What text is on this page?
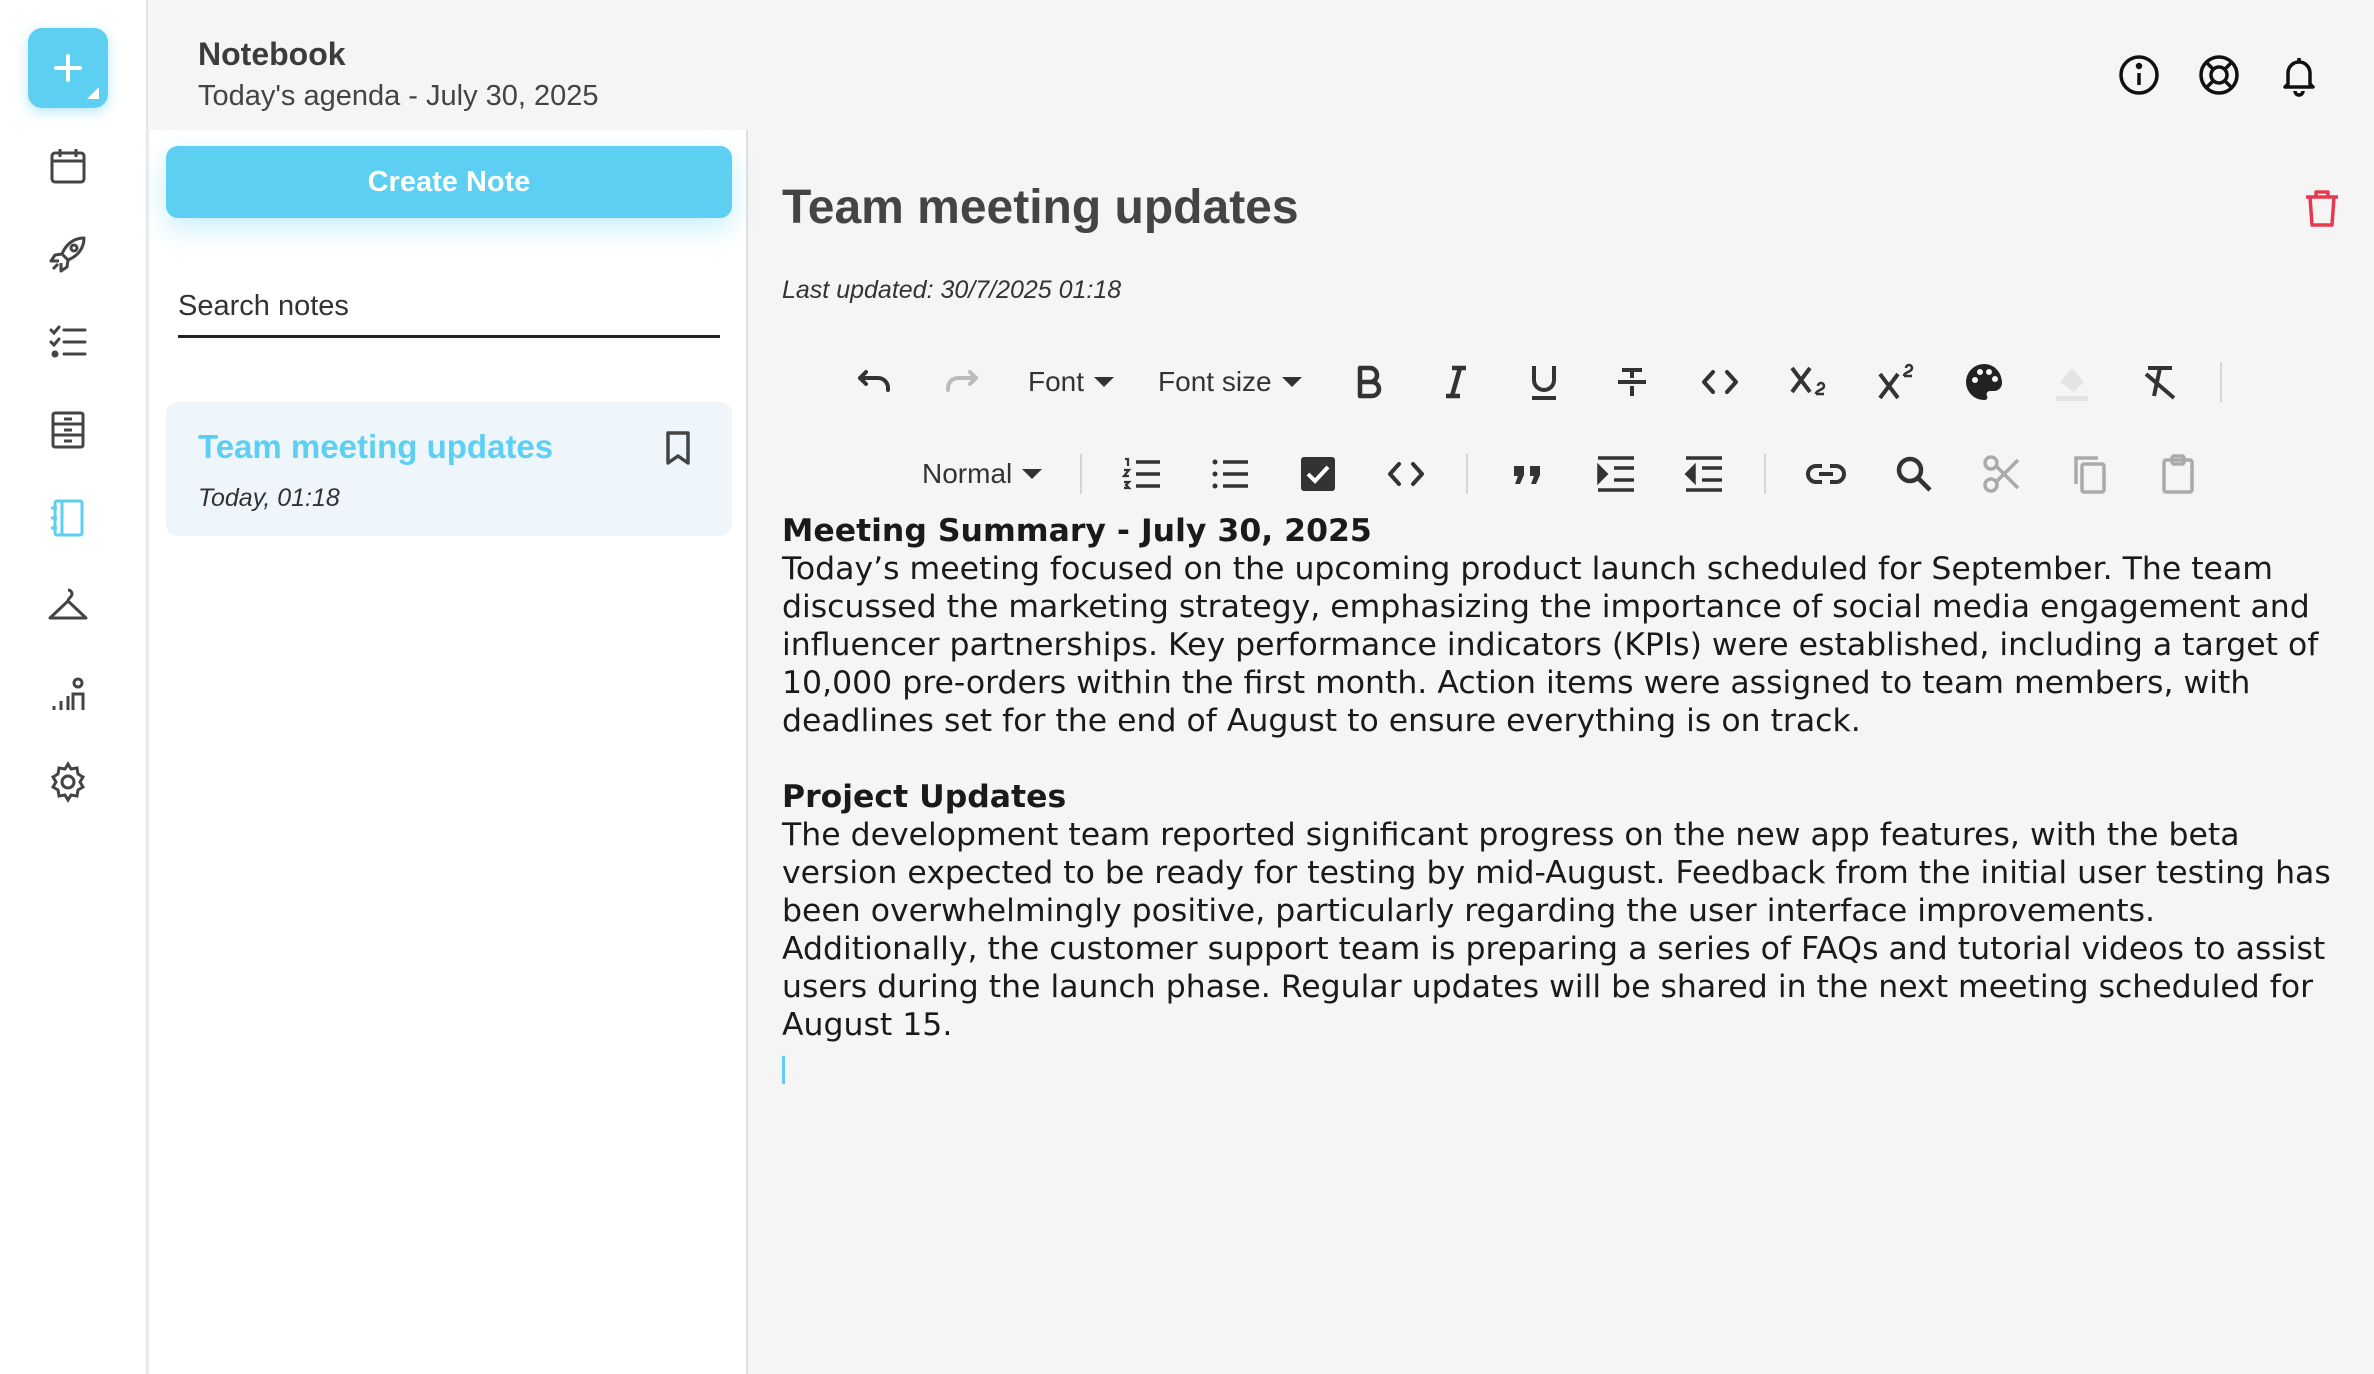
Notebook
Today's agenda - July 30, 2025
Create Note
Search notes
Team meeting updates
Today, 01:18
Team meeting updates
Last updated: 30/7/2025 01:18
Font	Font size
Normal

Meeting Summary - July 30, 2025

Today’s meeting focused on the upcoming product launch scheduled for September. The team discussed the marketing strategy, emphasizing the importance of social media engagement and influencer partnerships. Key performance indicators (KPIs) were established, including a target of 10,000 pre-orders within the first month. Action items were assigned to team members, with deadlines set for the end of August to ensure everything is on track.

Project Updates

The development team reported significant progress on the new app features, with the beta version expected to be ready for testing by mid-August. Feedback from the initial user testing has been overwhelmingly positive, particularly regarding the user interface improvements. Additionally, the customer support team is preparing a series of FAQs and tutorial videos to assist users during the launch phase. Regular updates will be shared in the next meeting scheduled for August 15.
